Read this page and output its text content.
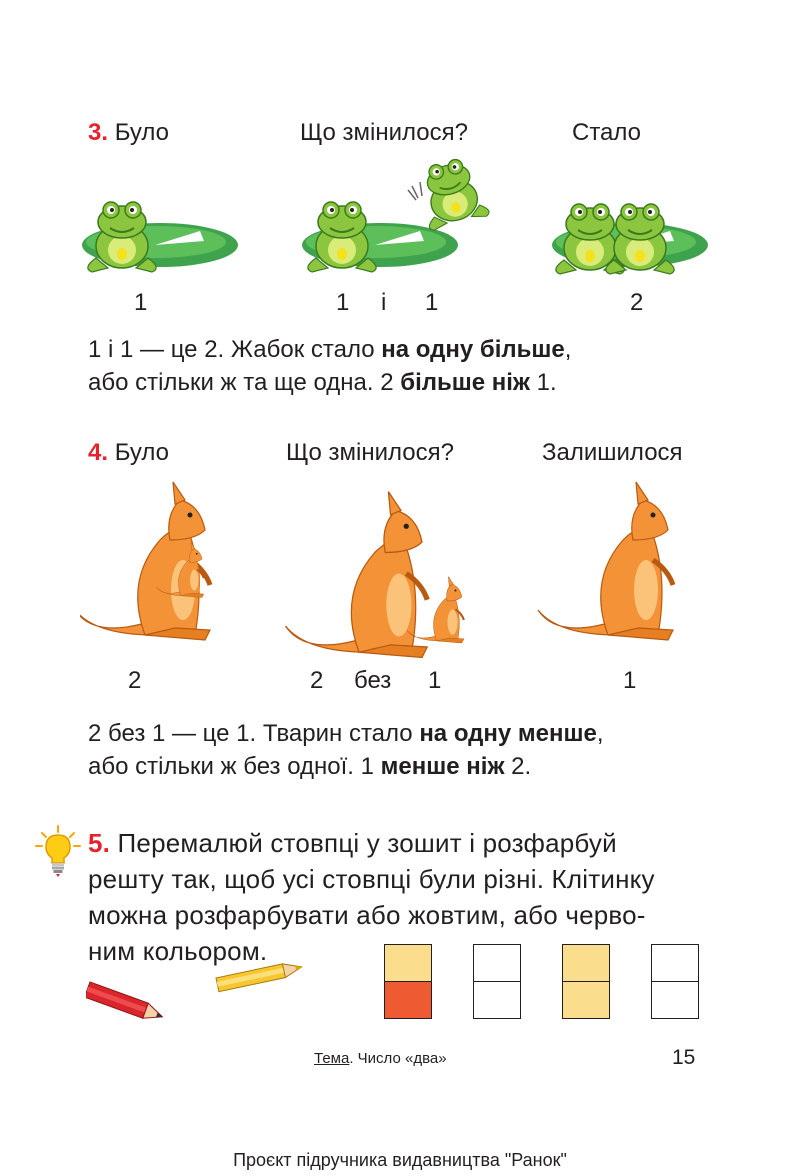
3. Було	Що змінилося?	Стало
1	1 і 1	2
1 і 1 — це 2. Жабок стало на одну більше,
або стільки ж та ще одна. 2 більше ніж 1.
4. Було	Що змінилося?	Залишилося
2	2 без 1	1
2 без 1 — це 1. Тварин стало на одну менше,
або стільки ж без одної. 1 менше ніж 2.
5. Перемалюй стовпці у зошит і розфарбуй
решту так, щоб усі стовпці були різні. Клітинку
можна розфарбувати або жовтим, або черво-
ним кольором.
Тема. Число «два»	15
Проєкт підручника видавництва "Ранок"
